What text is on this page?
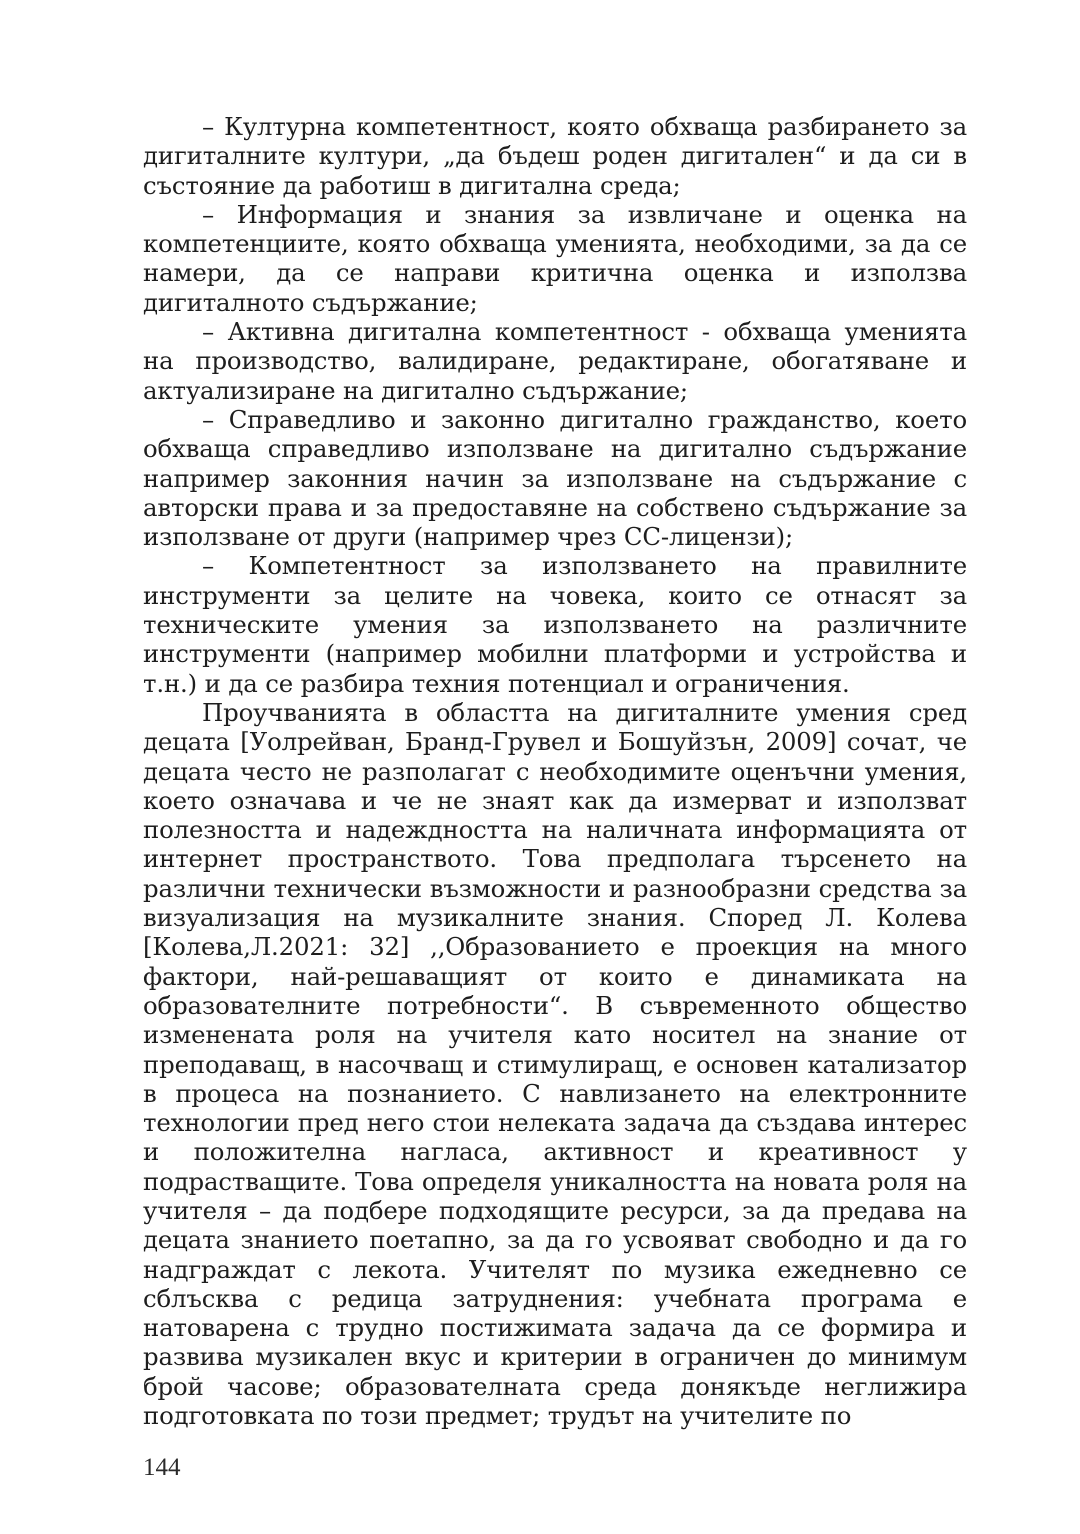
– Културна компетентност, която обхваща разбирането за дигиталните култури, „да бъдеш роден дигитален“ и да си в състояние да работиш в дигитална среда;

– Информация и знания за извличане и оценка на компетенциите, която обхваща уменията, необходими, за да се намери, да се направи критична оценка и използва дигиталното съдържание;

– Активна дигитална компетентност - обхваща уменията на производство, валидиране, редактиране, обогатяване и актуализиране на дигитално съдържание;

– Справедливо и законно дигитално гражданство, което обхваща справедливо използване на дигитално съдържание например законния начин за използване на съдържание с авторски права и за предоставяне на собствено съдържание за използване от други (например чрез СС-лицензи);

– Компетентност за използването на правилните инструменти за целите на човека, които се отнасят за техническите умения за използването на различните инструменти (например мобилни платформи и устройства и т.н.) и да се разбира техния потенциал и ограничения.

Проучванията в областта на дигиталните умения сред децата [Уолрейван, Бранд-Грувел и Бошуйзън, 2009] сочат, че децата често не разполагат с необходимите оценъчни умения, което означава и че не знаят как да измерват и използват полезността и надеждността на наличната информацията от интернет пространството. Това предполага търсенето на различни технически възможности и разнообразни средства за визуализация на музикалните знания. Според Л. Колева [Колева,Л.2021: 32] ,,Образованието е проекция на много фактори, най-решаващият от които е динамиката на образователните потребности“. В съвременното общество изменената роля на учителя като носител на знание от преподаващ, в насочващ и стимулиращ, е основен катализатор в процеса на познанието. С навлизането на електронните технологии пред него стои нелеката задача да създава интерес и положителна нагласа, активност и креативност у подрастващите. Това определя уникалността на новата роля на учителя – да подбере подходящите ресурси, за да предава на децата знанието поетапно, за да го усвояват свободно и да го надграждат с лекота. Учителят по музика ежедневно се сблъсква с редица затруднения: учебната програма е натоварена с трудно постижимата задача да се формира и развива музикален вкус и критерии в ограничен до минимум брой часове; образователната среда донякъде неглижира подготовката по този предмет; трудът на учителите по

144
